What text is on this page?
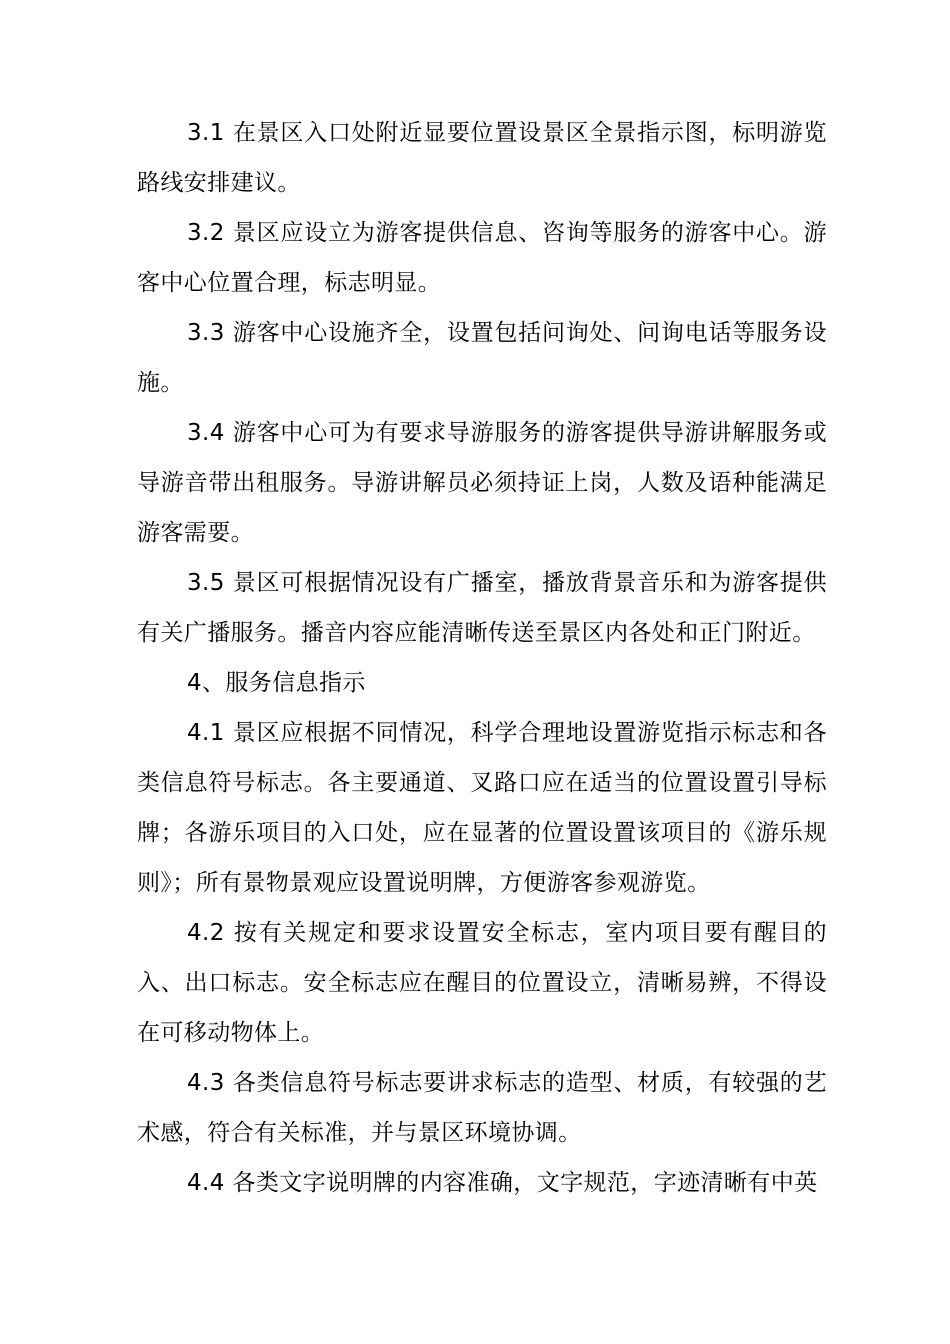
3.1 在景区入口处附近显要位置设景区全景指示图，标明游览路线安排建议。

3.2 景区应设立为游客提供信息、咨询等服务的游客中心。游客中心位置合理，标志明显。

3.3 游客中心设施齐全，设置包括问询处、问询电话等服务设施。

3.4 游客中心可为有要求导游服务的游客提供导游讲解服务或导游音带出租服务。导游讲解员必须持证上岗，人数及语种能满足游客需要。

3.5 景区可根据情况设有广播室，播放背景音乐和为游客提供有关广播服务。播音内容应能清晰传送至景区内各处和正门附近。

4、服务信息指示

4.1 景区应根据不同情况，科学合理地设置游览指示标志和各类信息符号标志。各主要通道、叉路口应在适当的位置设置引导标牌；各游乐项目的入口处，应在显著的位置设置该项目的《游乐规则》；所有景物景观应设置说明牌，方便游客参观游览。

4.2 按有关规定和要求设置安全标志，室内项目要有醒目的入、出口标志。安全标志应在醒目的位置设立，清晰易辨，不得设在可移动物体上。

4.3 各类信息符号标志要讲求标志的造型、材质，有较强的艺术感，符合有关标准，并与景区环境协调。

4.4 各类文字说明牌的内容准确，文字规范，字迹清晰有中英
